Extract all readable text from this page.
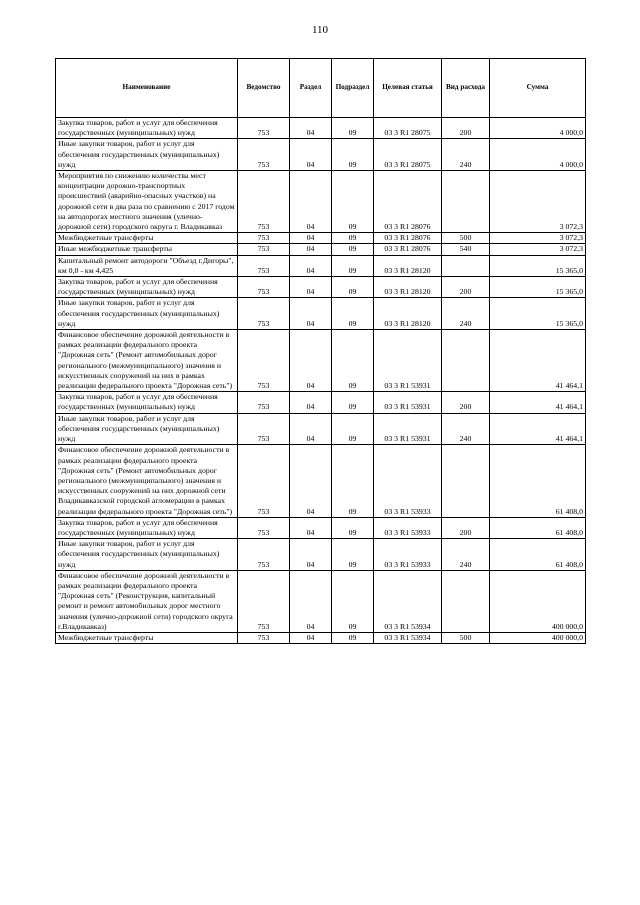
110
Наименование	Ведомство	Раздел	Подраздел	Целевая статья	Вид расхода	Сумма
Закупка товаров, работ и услуг для обеспечения государственных (муниципальных) нужд	753	04	09	03 3 R1 28075	200	4 000,0
Иные закупки товаров, работ и услуг для обеспечения государственных (муниципальных) нужд	753	04	09	03 3 R1 28075	240	4 000,0
Мероприятия по снижению количества мест концентрации дорожно-транспортных происшествий (аварийно-опасных участков) на дорожной сети в два раза по сравнению с 2017 годом на автодорогах местного значения (улично-дорожной сети) городского округа г. Владикавказ	753	04	09	03 3 R1 28076		3 072,3
Межбюджетные трансферты	753	04	09	03 3 R1 28076	500	3 072,3
Иные межбюджетные трансферты	753	04	09	03 3 R1 28076	540	3 072,3
Капитальный ремонт автодороги "Объезд г.Дигоры", км 0,0 - км 4,425	753	04	09	03 3 R1 28120		15 365,0
Закупка товаров, работ и услуг для обеспечения государственных (муниципальных) нужд	753	04	09	03 3 R1 28120	200	15 365,0
Иные закупки товаров, работ и услуг для обеспечения государственных (муниципальных) нужд	753	04	09	03 3 R1 28120	240	15 365,0
Финансовое обеспечение дорожной деятельности в рамках реализации федерального проекта "Дорожная сеть" (Ремонт автомобильных дорог регионального (межмуниципального) значения и искусственных сооружений на них в рамках реализации федерального проекта "Дорожная сеть")	753	04	09	03 3 R1 53931		41 464,1
Закупка товаров, работ и услуг для обеспечения государственных (муниципальных) нужд	753	04	09	03 3 R1 53931	200	41 464,1
Иные закупки товаров, работ и услуг для обеспечения государственных (муниципальных) нужд	753	04	09	03 3 R1 53931	240	41 464,1
Финансовое обеспечение дорожной деятельности в рамках реализации федерального проекта "Дорожная сеть" (Ремонт автомобильных дорог регионального (межмуниципального) значения и искусственных сооружений на них дорожной сети Владикавказской городской агломерации в рамках реализации федерального проекта "Дорожная сеть")	753	04	09	03 3 R1 53933		61 408,0
Закупка товаров, работ и услуг для обеспечения государственных (муниципальных) нужд	753	04	09	03 3 R1 53933	200	61 408,0
Иные закупки товаров, работ и услуг для обеспечения государственных (муниципальных) нужд	753	04	09	03 3 R1 53933	240	61 408,0
Финансовое обеспечение дорожной деятельности в рамках реализации федерального проекта "Дорожная сеть" (Реконструкция, капитальный ремонт и ремонт автомобильных дорог местного значения (улично-дорожной сети) городского округа г.Владикавказ)	753	04	09	03 3 R1 53934		400 000,0
Межбюджетные трансферты	753	04	09	03 3 R1 53934	500	400 000,0
